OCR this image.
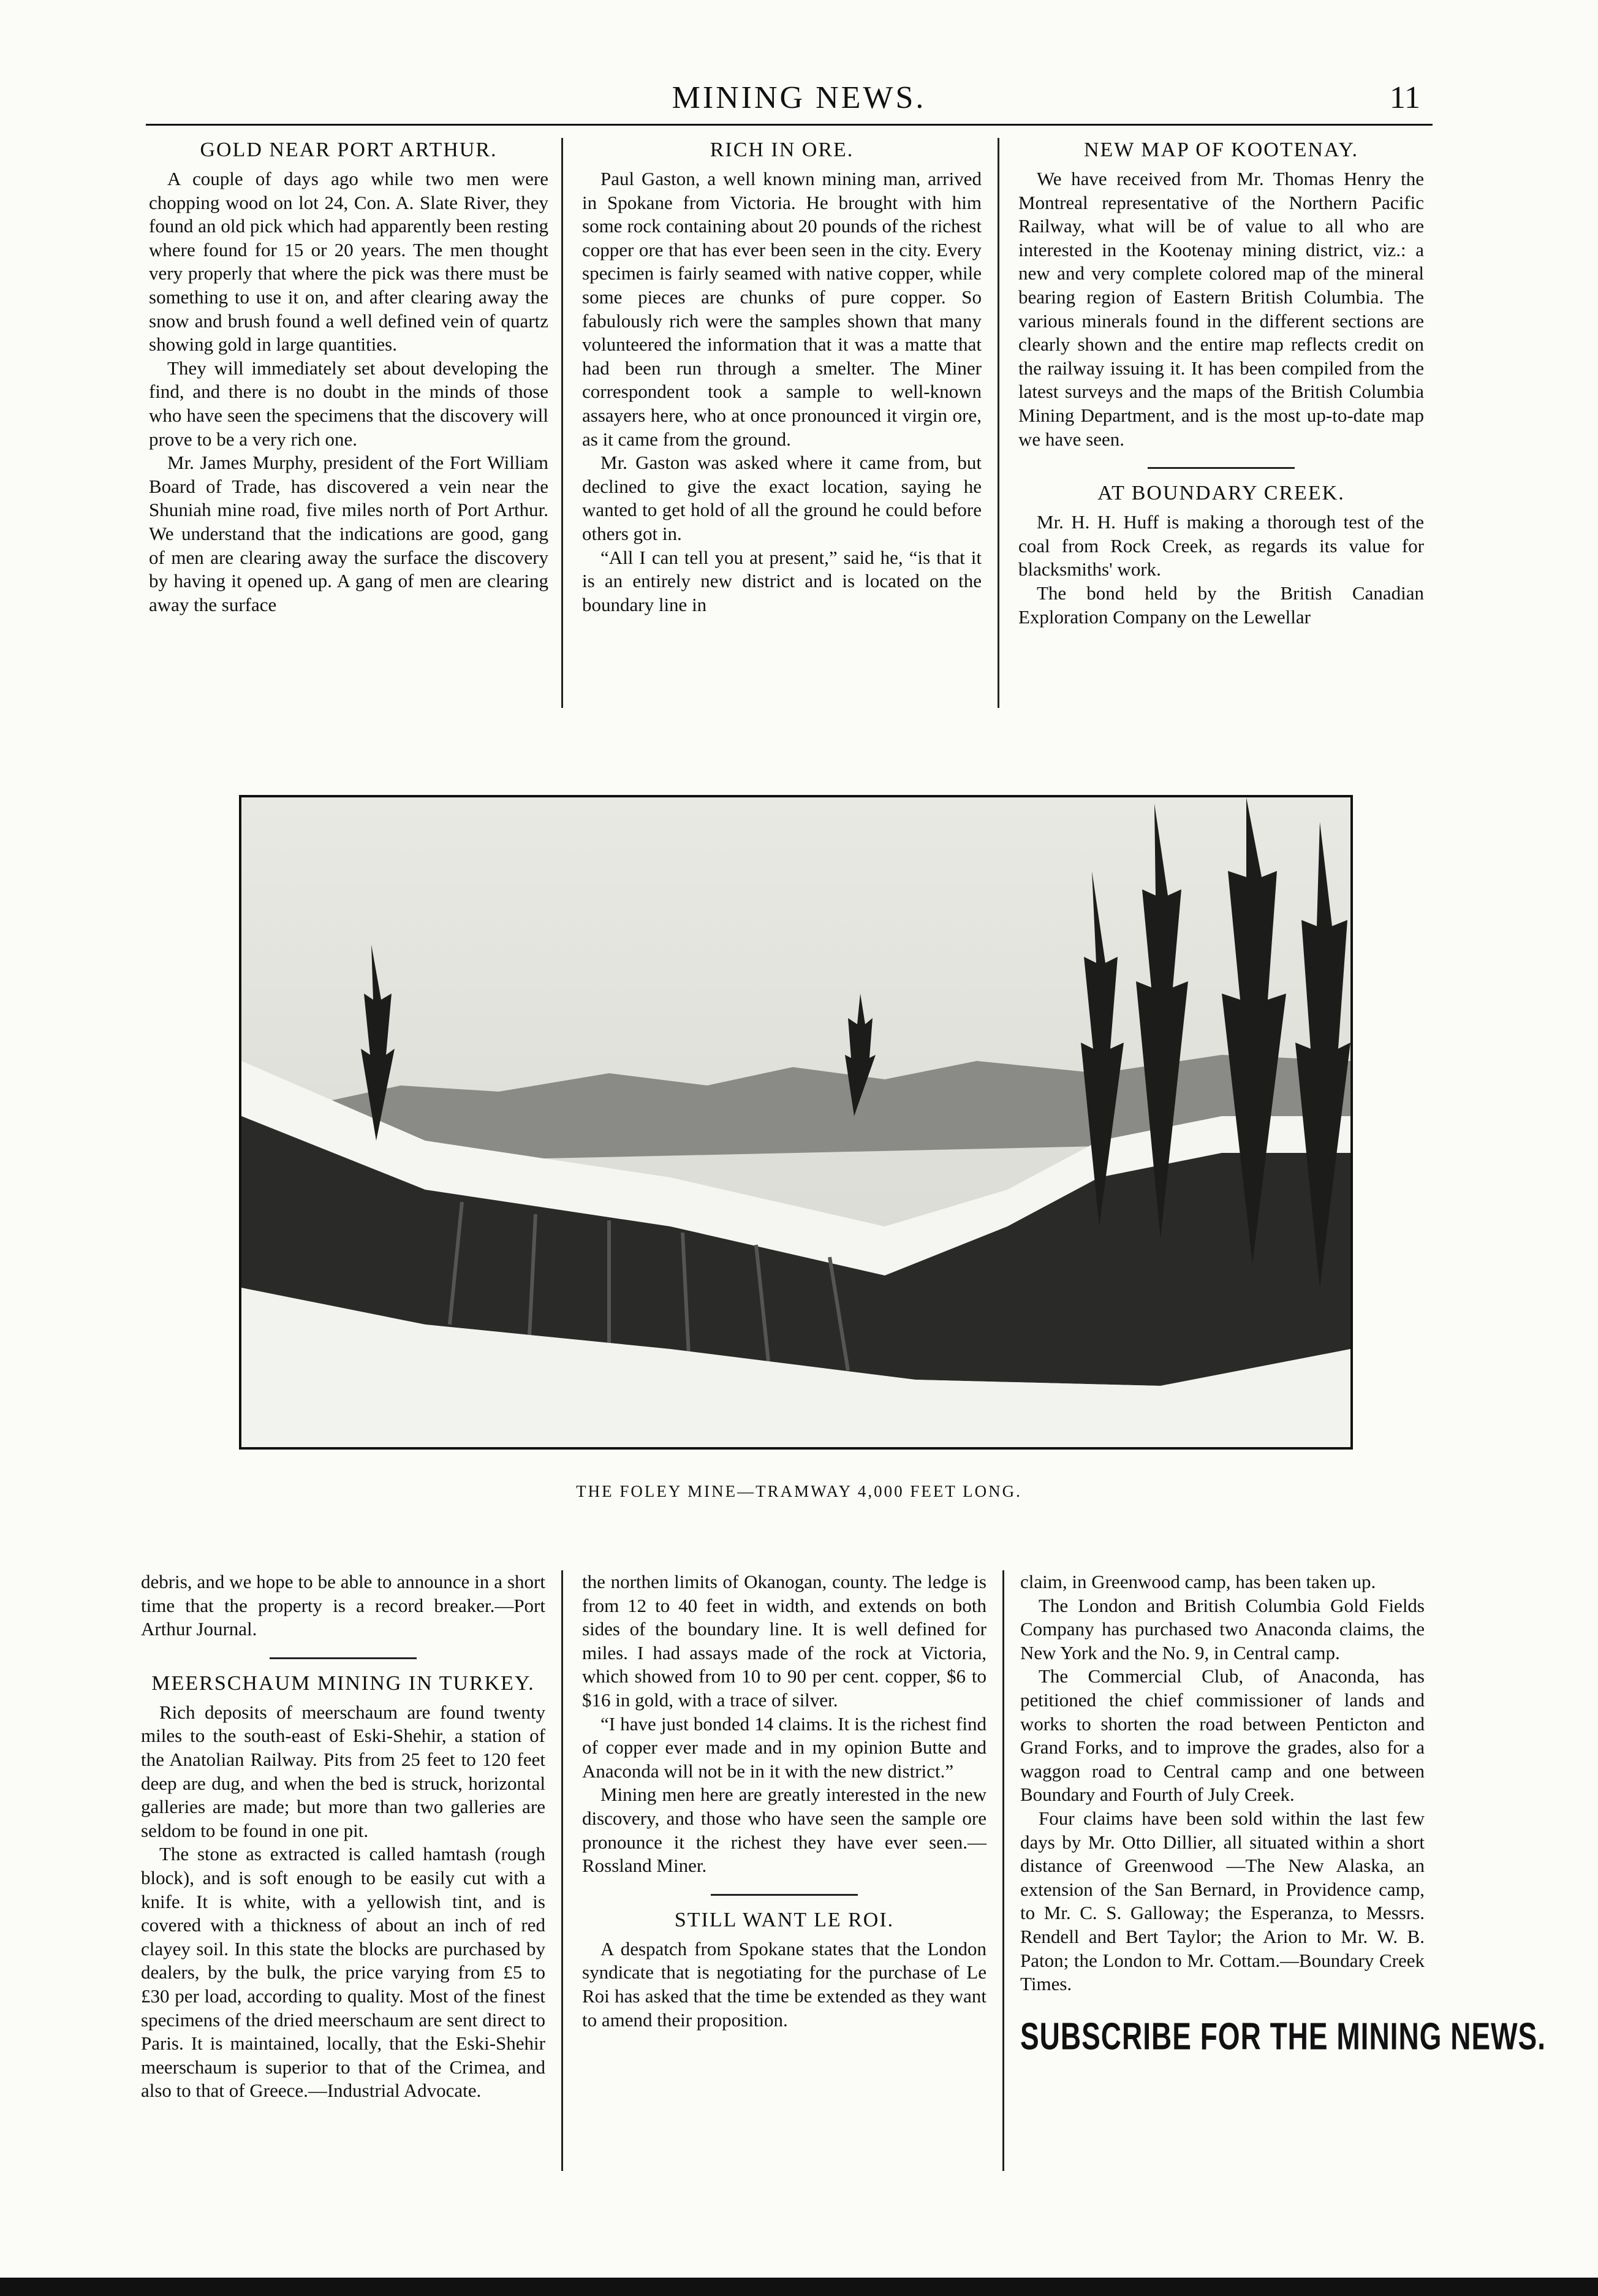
MINING NEWS.	11
GOLD NEAR PORT ARTHUR.

A couple of days ago while two men were chopping wood on lot 24, Con. A. Slate River, they found an old pick which had apparently been resting where found for 15 or 20 years. The men thought very properly that where the pick was there must be something to use it on, and after clearing away the snow and brush found a well defined vein of quartz showing gold in large quantities.

They will immediately set about developing the find, and there is no doubt in the minds of those who have seen the specimens that the discovery will prove to be a very rich one.

Mr. James Murphy, president of the Fort William Board of Trade, has discovered a vein near the Shuniah mine road, five miles north of Port Arthur. We understand that the indications are good, gang of men are clearing away the surface the discovery by having it opened up. A gang of men are clearing away the surface

RICH IN ORE.

Paul Gaston, a well known mining man, arrived in Spokane from Victoria. He brought with him some rock containing about 20 pounds of the richest copper ore that has ever been seen in the city. Every specimen is fairly seamed with native copper, while some pieces are chunks of pure copper. So fabulously rich were the samples shown that many volunteered the information that it was a matte that had been run through a smelter. The Miner correspondent took a sample to well-known assayers here, who at once pronounced it virgin ore, as it came from the ground.

Mr. Gaston was asked where it came from, but declined to give the exact location, saying he wanted to get hold of all the ground he could before others got in.

“All I can tell you at present,” said he, “is that it is an entirely new district and is located on the boundary line in

NEW MAP OF KOOTENAY.

We have received from Mr. Thomas Henry the Montreal representative of the Northern Pacific Railway, what will be of value to all who are interested in the Kootenay mining district, viz.: a new and very complete colored map of the mineral bearing region of Eastern British Columbia. The various minerals found in the different sections are clearly shown and the entire map reflects credit on the railway issuing it. It has been compiled from the latest surveys and the maps of the British Columbia Mining Department, and is the most up-to-date map we have seen.

AT BOUNDARY CREEK.

Mr. H. H. Huff is making a thorough test of the coal from Rock Creek, as regards its value for blacksmiths' work.

The bond held by the British Canadian Exploration Company on the Lewellar

THE FOLEY MINE—TRAMWAY 4,000 FEET LONG.

debris, and we hope to be able to announce in a short time that the property is a record breaker.—Port Arthur Journal.

MEERSCHAUM MINING IN TURKEY.

Rich deposits of meerschaum are found twenty miles to the south-east of Eski-Shehir, a station of the Anatolian Railway. Pits from 25 feet to 120 feet deep are dug, and when the bed is struck, horizontal galleries are made; but more than two galleries are seldom to be found in one pit.

The stone as extracted is called hamtash (rough block), and is soft enough to be easily cut with a knife. It is white, with a yellowish tint, and is covered with a thickness of about an inch of red clayey soil. In this state the blocks are purchased by dealers, by the bulk, the price varying from £5 to £30 per load, according to quality. Most of the finest specimens of the dried meerschaum are sent direct to Paris. It is maintained, locally, that the Eski-Shehir meerschaum is superior to that of the Crimea, and also to that of Greece.—Industrial Advocate.

the northen limits of Okanogan, county. The ledge is from 12 to 40 feet in width, and extends on both sides of the boundary line. It is well defined for miles. I had assays made of the rock at Victoria, which showed from 10 to 90 per cent. copper, $6 to $16 in gold, with a trace of silver.

“I have just bonded 14 claims. It is the richest find of copper ever made and in my opinion Butte and Anaconda will not be in it with the new district.”

Mining men here are greatly interested in the new discovery, and those who have seen the sample ore pronounce it the richest they have ever seen.—Rossland Miner.

STILL WANT LE ROI.

A despatch from Spokane states that the London syndicate that is negotiating for the purchase of Le Roi has asked that the time be extended as they want to amend their proposition.

claim, in Greenwood camp, has been taken up.

The London and British Columbia Gold Fields Company has purchased two Anaconda claims, the New York and the No. 9, in Central camp.

The Commercial Club, of Anaconda, has petitioned the chief commissioner of lands and works to shorten the road between Penticton and Grand Forks, and to improve the grades, also for a waggon road to Central camp and one between Boundary and Fourth of July Creek.

Four claims have been sold within the last few days by Mr. Otto Dillier, all situated within a short distance of Greenwood —The New Alaska, an extension of the San Bernard, in Providence camp, to Mr. C. S. Galloway; the Esperanza, to Messrs. Rendell and Bert Taylor; the Arion to Mr. W. B. Paton; the London to Mr. Cottam.—Boundary Creek Times.

SUBSCRIBE FOR THE MINING NEWS.
